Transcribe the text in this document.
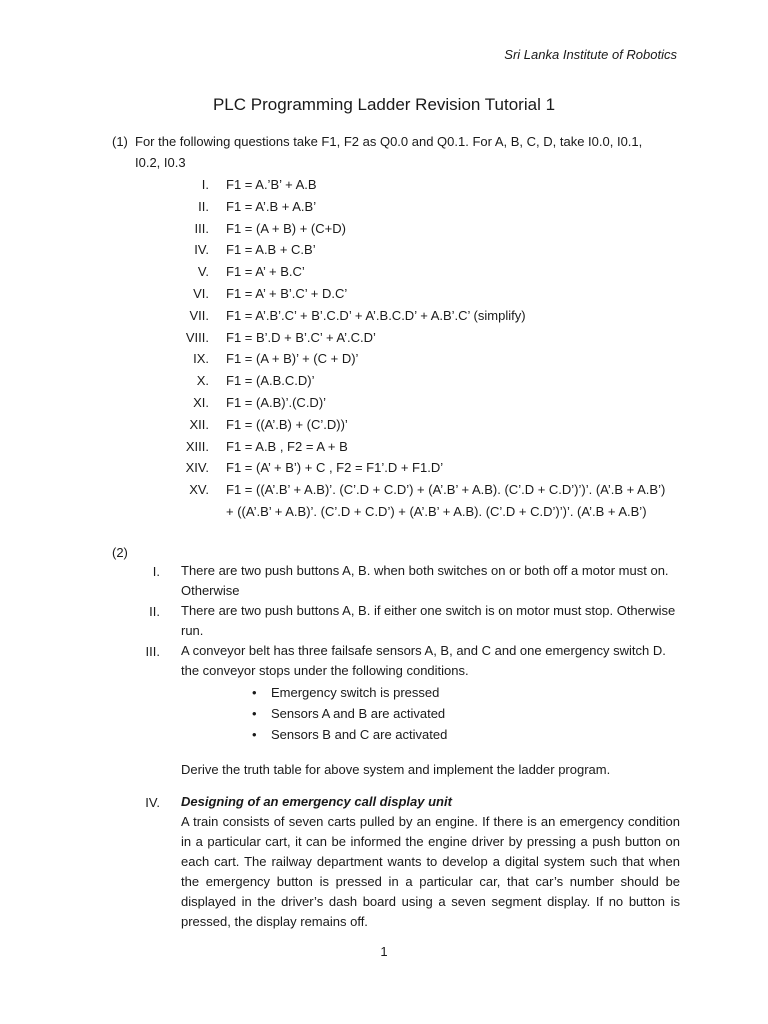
Sri Lanka Institute of Robotics
PLC Programming Ladder Revision Tutorial 1
(1) For the following questions take F1, F2 as Q0.0 and Q0.1. For A, B, C, D, take I0.0, I0.1,
I0.2, I0.3
I. F1 = A.’B’ + A.B
II. F1 = A’.B + A.B’
III. F1 = (A + B) + (C+D)
IV. F1 = A.B + C.B’
V. F1 = A’ + B.C’
VI. F1 = A’ + B’.C’ + D.C’
VII. F1 = A’.B’.C’ + B’.C.D’ + A’.B.C.D’ + A.B’.C’ (simplify)
VIII. F1 = B’.D + B’.C’ + A’.C.D’
IX. F1 = (A + B)’ + (C + D)’
X. F1 = (A.B.C.D)’
XI. F1 = (A.B)’.(C.D)’
XII. F1 = ((A’.B) + (C’.D))’
XIII. F1 = A.B , F2 = A + B
XIV. F1 = (A’ + B’) + C , F2 = F1’.D + F1.D’
XV. F1 = ((A’.B’ + A.B)’. (C’.D + C.D’) + (A’.B’ + A.B). (C’.D + C.D’)’)’. (A’.B + A.B’)
+ ((A’.B’ + A.B)’. (C’.D + C.D’) + (A’.B’ + A.B). (C’.D + C.D’)’)’. (A’.B + A.B’)
(2)
I. There are two push buttons A, B. when both switches on or both off a motor must on. Otherwise
II. There are two push buttons A, B. if either one switch is on motor must stop. Otherwise run.
III. A conveyor belt has three failsafe sensors A, B, and C and one emergency switch D. the conveyor stops under the following conditions.
• Emergency switch is pressed
• Sensors A and B are activated
• Sensors B and C are activated
Derive the truth table for above system and implement the ladder program.
IV. Designing of an emergency call display unit
A train consists of seven carts pulled by an engine. If there is an emergency condition in a particular cart, it can be informed the engine driver by pressing a push button on each cart. The railway department wants to develop a digital system such that when the emergency button is pressed in a particular car, that car’s number should be displayed in the driver’s dash board using a seven segment display. If no button is pressed, the display remains off.
1
